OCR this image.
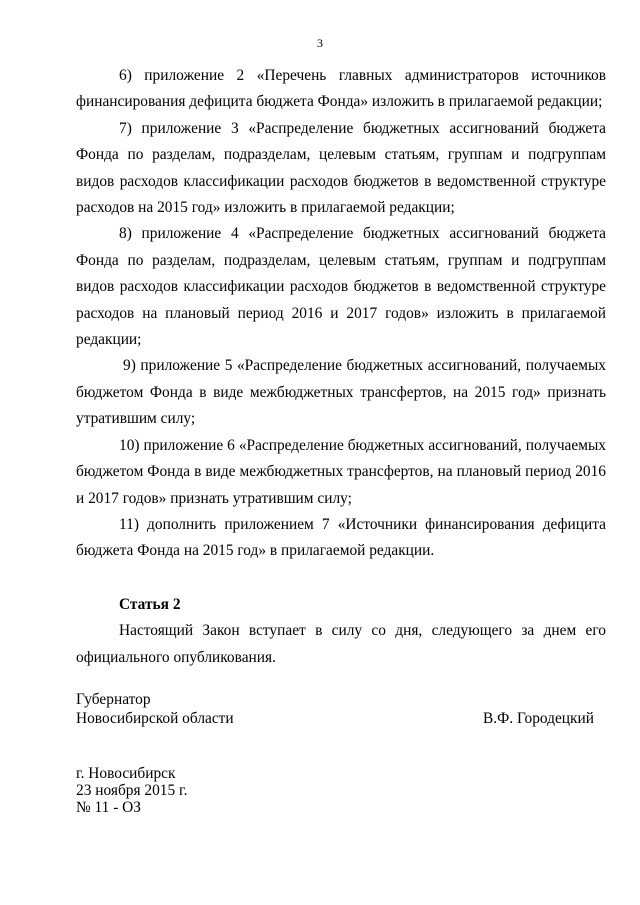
3

6) приложение 2 «Перечень главных администраторов источников финансирования дефицита бюджета Фонда» изложить в прилагаемой редакции;

7) приложение 3 «Распределение бюджетных ассигнований бюджета Фонда по разделам, подразделам, целевым статьям, группам и подгруппам видов расходов классификации расходов бюджетов в ведомственной структуре расходов на 2015 год» изложить в прилагаемой редакции;

8) приложение 4 «Распределение бюджетных ассигнований бюджета Фонда по разделам, подразделам, целевым статьям, группам и подгруппам видов расходов классификации расходов бюджетов в ведомственной структуре расходов на плановый период 2016 и 2017 годов» изложить в прилагаемой редакции;

9) приложение 5 «Распределение бюджетных ассигнований, получаемых бюджетом Фонда в виде межбюджетных трансфертов, на 2015 год» признать утратившим силу;

10) приложение 6 «Распределение бюджетных ассигнований, получаемых бюджетом Фонда в виде межбюджетных трансфертов, на плановый период 2016 и 2017 годов» признать утратившим силу;

11) дополнить приложением 7 «Источники финансирования дефицита бюджета Фонда на 2015 год» в прилагаемой редакции.

Статья 2

Настоящий Закон вступает в силу со дня, следующего за днем его официального опубликования.

Губернатор
Новосибирской области	В.Ф. Городецкий
г. Новосибирск
23 ноября 2015 г.
№ 11 - ОЗ
